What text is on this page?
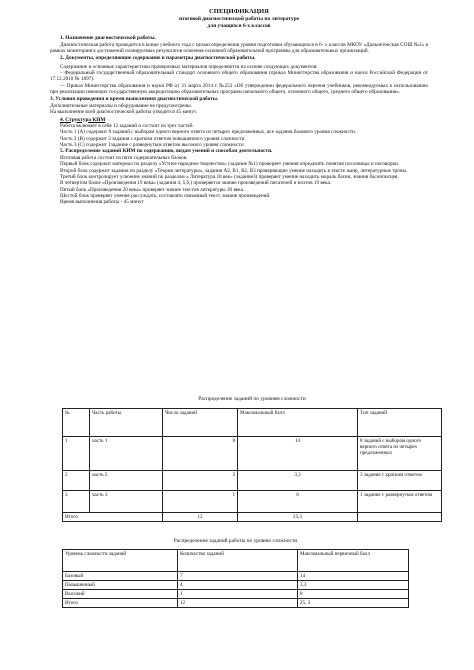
СПЕЦИФИКАЦИЯ
итоговой диагностической работы по литературе
для учащихся 6-х классов

1. Назначение диагностической работы.

Диагностическая работа проводится в конце учебного года с целью определения уровня подготовки обучающихся в 6- х классов МКОУ «Дальнетоеская СОШ №2» в рамках мониторинга достижений планируемых результатов освоения основной образовательной программы для образовательных организаций.

2. Документы, определяющие содержание и параметры диагностической работы.

Содержание и основные характеристики проверочных материалов определяются на основе следующих документов:

– Федеральный государственный образовательный стандарт основного общего образования (приказ Министерства образования и науки Российской Федерации от 17.12.2010 № 1897).

— Приказ Министерства образования и науки РФ от 31 марта 2014 г. №253 «Об утверждении федерального перечня учебников, рекомендуемых к использованию при реализации имеющих государственную аккредитацию образовательных программ начального общего, основного общего, среднего общего образования».

3. Условия проведения и время выполнения диагностической работы.

Дополнительные материалы и оборудование не предусмотрены.

На выполнение всей диагностической работы отводится 45 минут.

4. Структура КИМ

Работа включает в себя 12 заданий и состоит из трех частей.

Часть 1 (А) содержит 8 заданий с выбором одного верного ответа из четырех предложенных, все задания базового уровня сложности.

Часть 2 (В) содержит 3 задания с кратким ответом повышенного уровня сложности

Часть 3 (С) содержит 1задание с развернутым ответом высокого уровня сложности

5. Распределение заданий КИМ по содержанию, видам умений и способам деятельности.

Итоговая работа состоит из пяти содержательных блоков.

Первый блок содержит материал по разделу «Устное народное творчество» (задание №1) проверяет умения определять понятия пословицы и поговорки.

Второй блок содержит задания по разделу «Теория литературы», задания А2, В1, В2, В3 проверяющие умение находить в тексте жанр, литературные тропы.

Третий блок контролирует усвоение знаний по разделам « Литература 18 век» (задание3) проверяет умение находить мораль басни, знания баснописцев.

В четвертом блоке «Произведения 19 века» (задания 4, 5,6,) проверяется знание произведений писателей и поэтов 19 века.

Пятый блок «Произведения 20 века» проверяет знание текстов литературы 20 века.

Шестой блок проверяет умение рассуждать, составлять связанный текст, знание произведений.

Время выполнения работы - 45 минут

Распределение заданий по уровням сложности
№	Часть работы	Число заданий	Максимальный балл	Тип заданий
1	часть 1	8	14	8 заданий с выбором одного верного ответа из четырех предложенных
2	часть 2	3	3,3	3 задание с кратким ответом
3	часть 3	1	8	1 задание с развернутым ответом
Итого		12	25,3	
Распределение заданий работы по уровню сложности
Уровень сложности заданий	Количество заданий	Максимальный первичный балл
Базовый	7	14
Повышенный	4	3,3
Высокий	1	8
Итого	12	25, 3
